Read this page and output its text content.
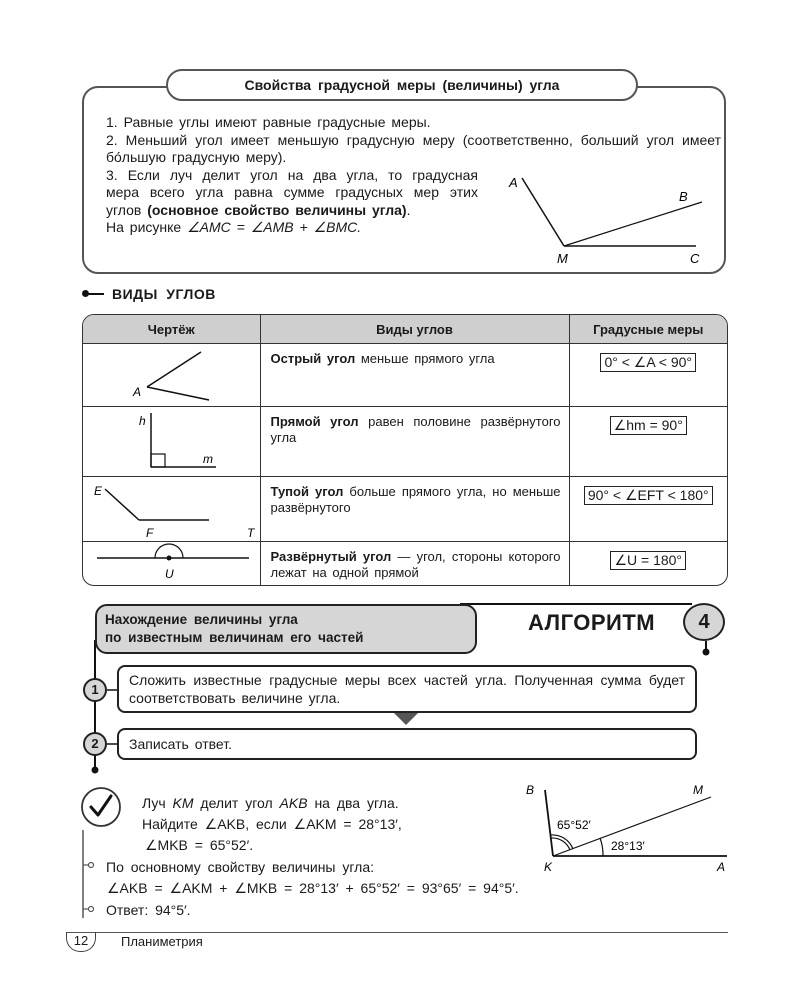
Свойства градусной меры (величины) угла

1. Равные углы имеют равные градусные меры.

2. Меньший угол имеет меньшую градусную меру (соответственно, больший угол имеет бо́льшую градусную меру).

3. Если луч делит угол на два угла, то градусная мера всего угла равна сумме градусных мер этих углов (основное свойство величины угла).

На рисунке ∠AMC = ∠AMB + ∠BMC.

A
B
M	C
ВИДЫ УГЛОВ
Чертёж	Виды углов	Градусные меры

A	Острый угол меньше прямого угла	0° < ∠A < 90°

h
m	Прямой угол равен половине развёрнутого угла	∠hm = 90°

E
F T	Тупой угол больше прямого угла, но меньше развёрнутого	90° < ∠EFT < 180°

U	Развёрнутый угол — угол, стороны которого лежат на одной прямой	∠U = 180°
Нахождение величины угла
по известным величинам его частей
АЛГОРИТМ	4
1
Сложить известные градусные меры всех частей угла. Полученная сумма будет соответствовать величине угла.
2	Записать ответ.
Луч KM делит угол AKB на два угла.
Найдите ∠AKB, если ∠AKM = 28°13′,
∠MKB = 65°52′.
По основному свойству величины угла:
∠AKB = ∠AKM + ∠MKB = 28°13′ + 65°52′ = 93°65′ = 94°5′.
Ответ: 94°5′.
B	M
K	A
65°52′
28°13′
12	Планиметрия
